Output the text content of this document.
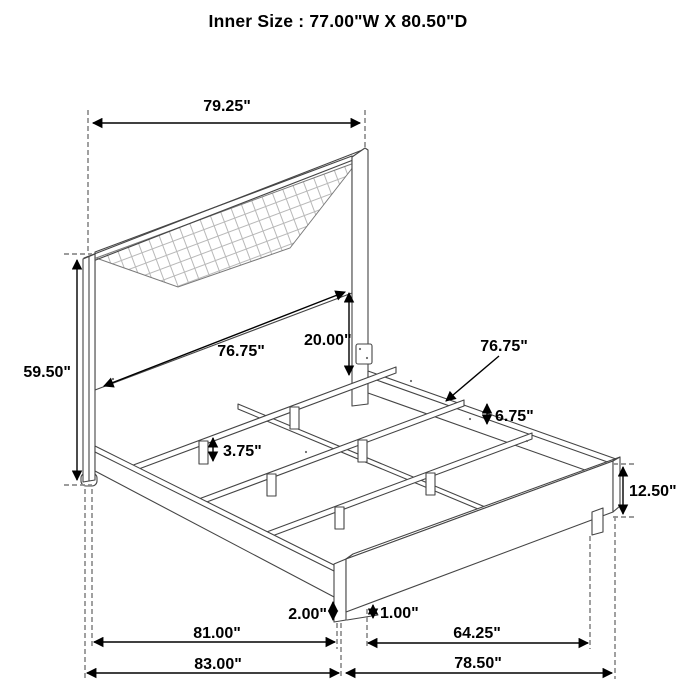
Inner Size : 77.00"W X 80.50"D
79.25"
59.50"
76.75"
20.00"	76.75"
6.75"
3.75"
12.50"
2.00"	1.00"
81.00"
83.00"
64.25"
78.50"
